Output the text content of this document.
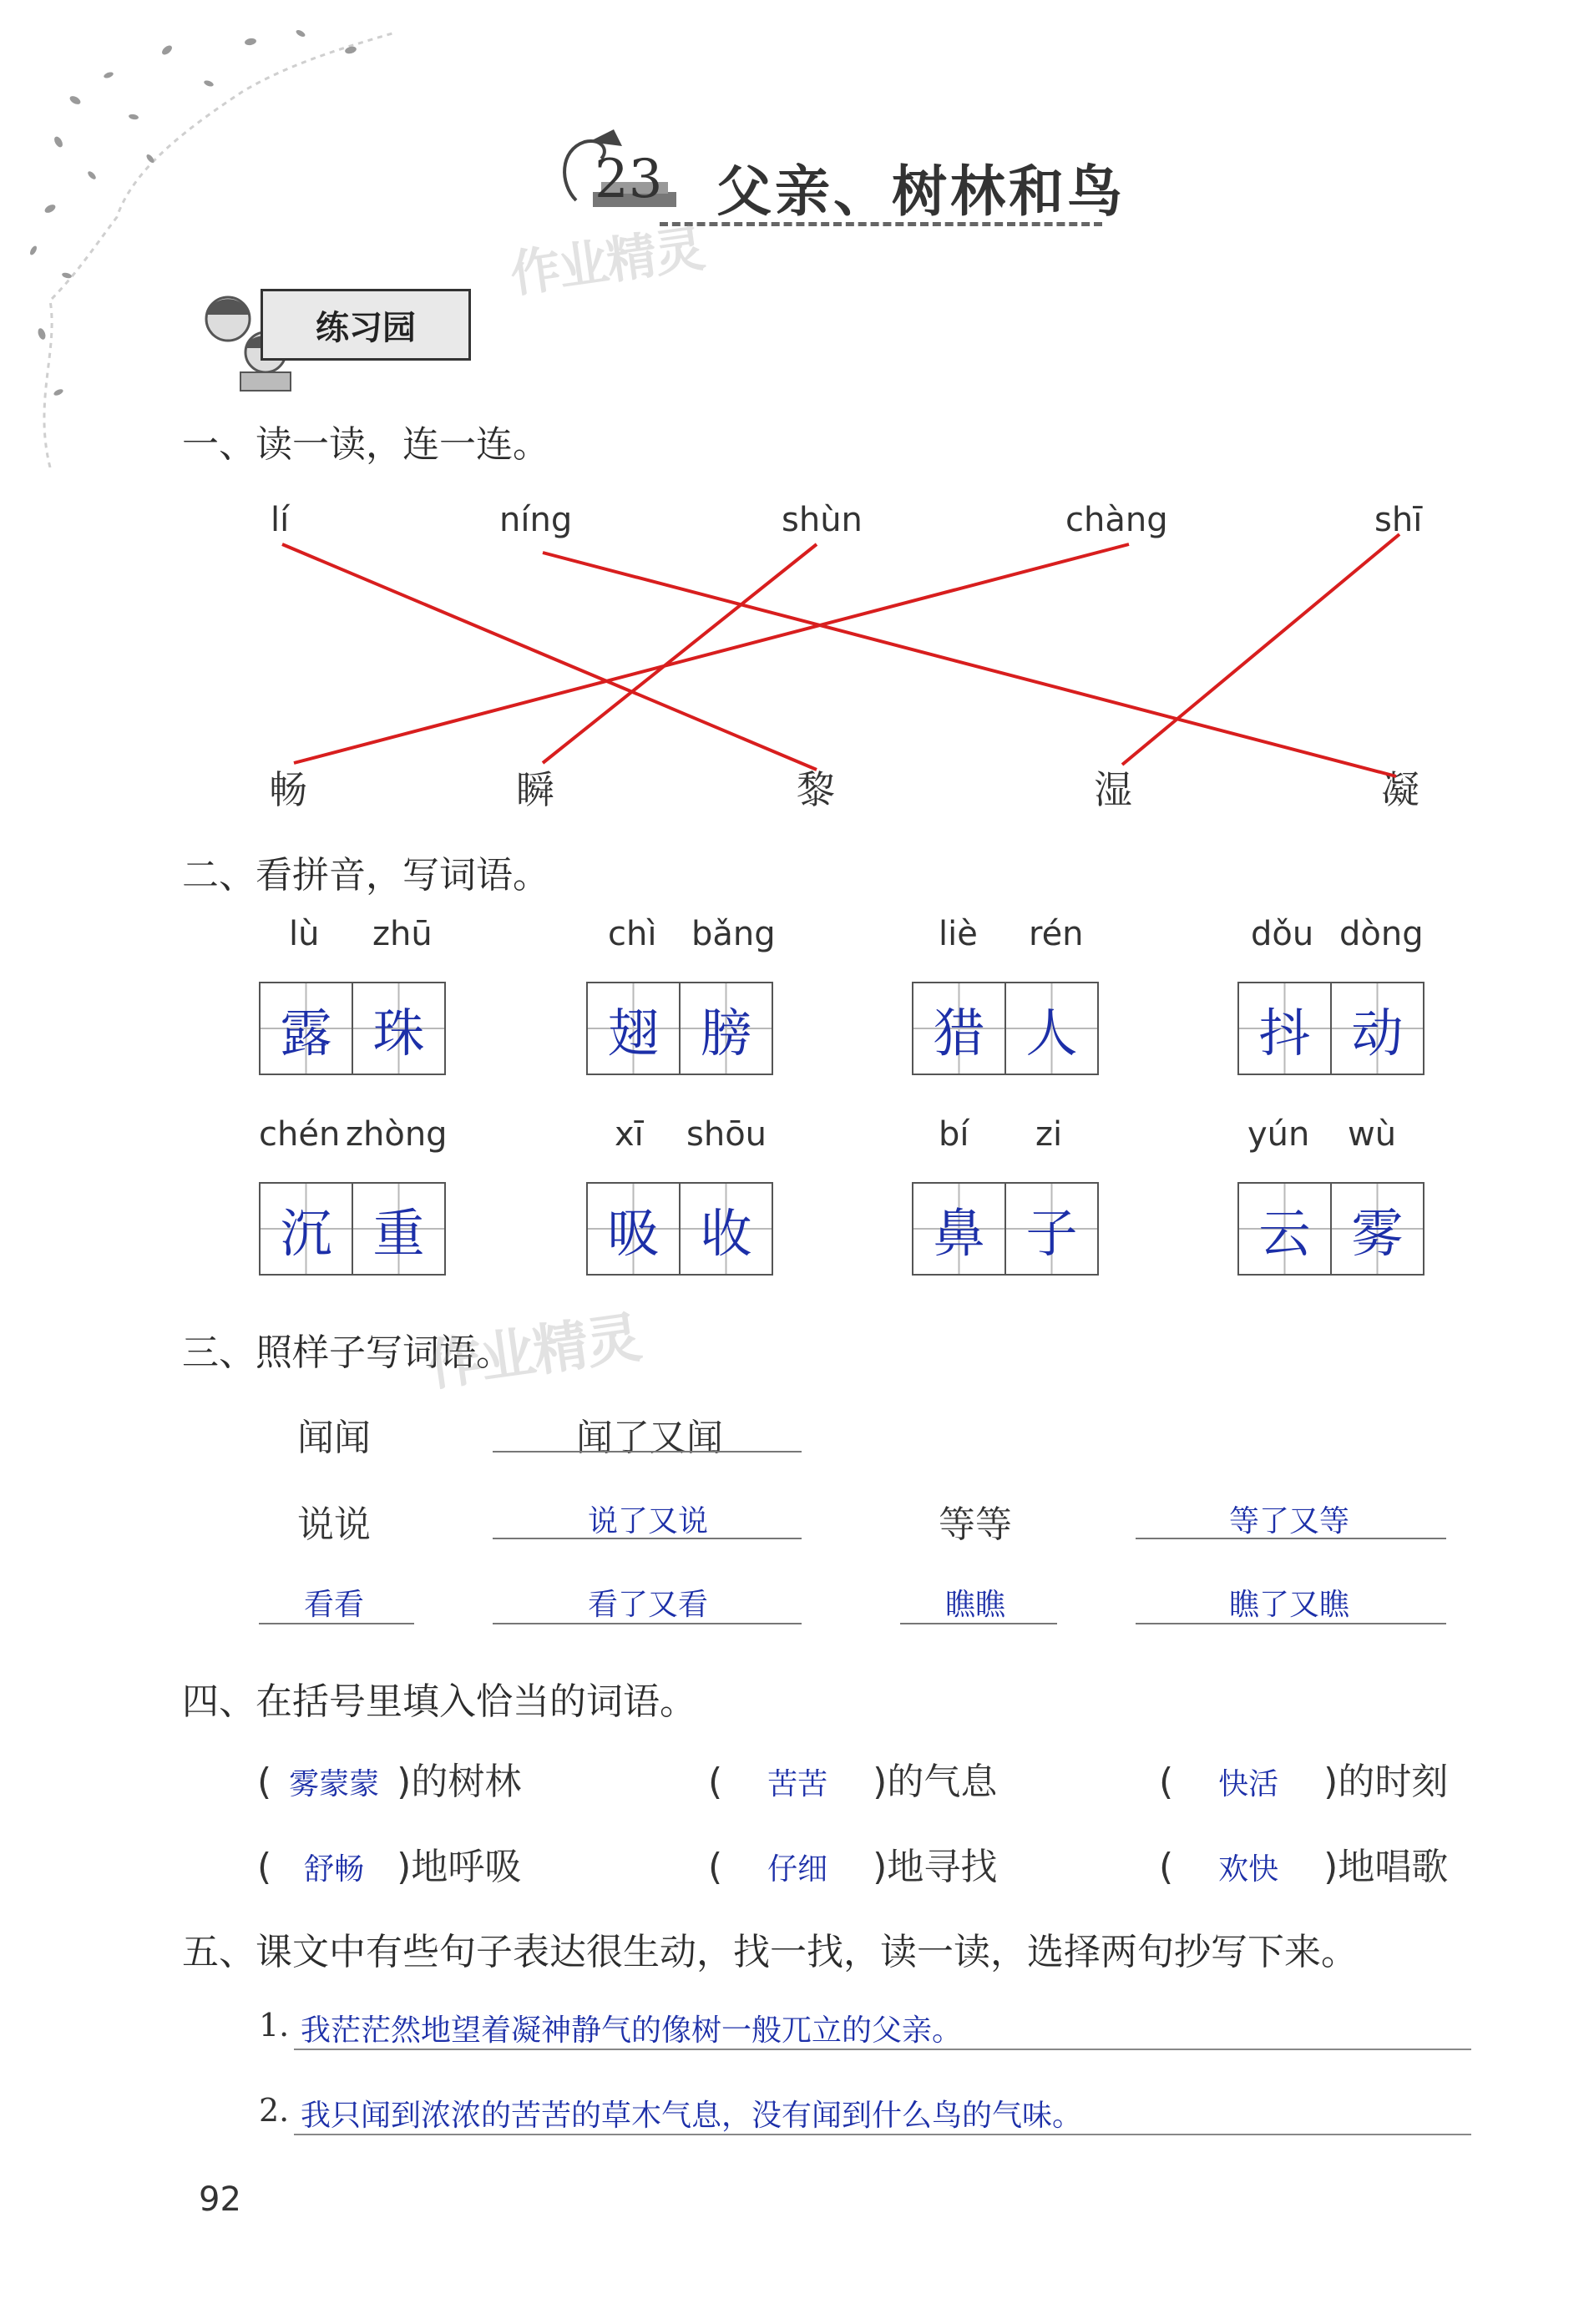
23 父亲、树林和鸟
作业精灵
练习园
一、读一读，连一连。
lí	níng	shùn	chàng	shī
畅	瞬	黎	湿	凝
二、看拼音，写词语。
lù zhū
露 珠
chì bǎng
翅 膀
liè rén
猎 人
dǒu dòng
抖 动
chén zhòng
沉 重
xī shōu
吸 收
bí zi
鼻 子
yún wù
云 雾
三、照样子写词语。
作业精灵
闻闻	闻了又闻
说说	说了又说	等等	等了又等
看看	看了又看	瞧瞧	瞧了又瞧
四、在括号里填入恰当的词语。
( 雾蒙蒙 )的树林	( 苦苦 )的气息	( 快活 )的时刻
( 舒畅 )地呼吸	( 仔细 )地寻找	( 欢快 )地唱歌
五、课文中有些句子表达很生动，找一找，读一读，选择两句抄写下来。
1. 我茫茫然地望着凝神静气的像树一般兀立的父亲。
2. 我只闻到浓浓的苦苦的草木气息，没有闻到什么鸟的气味。
92
